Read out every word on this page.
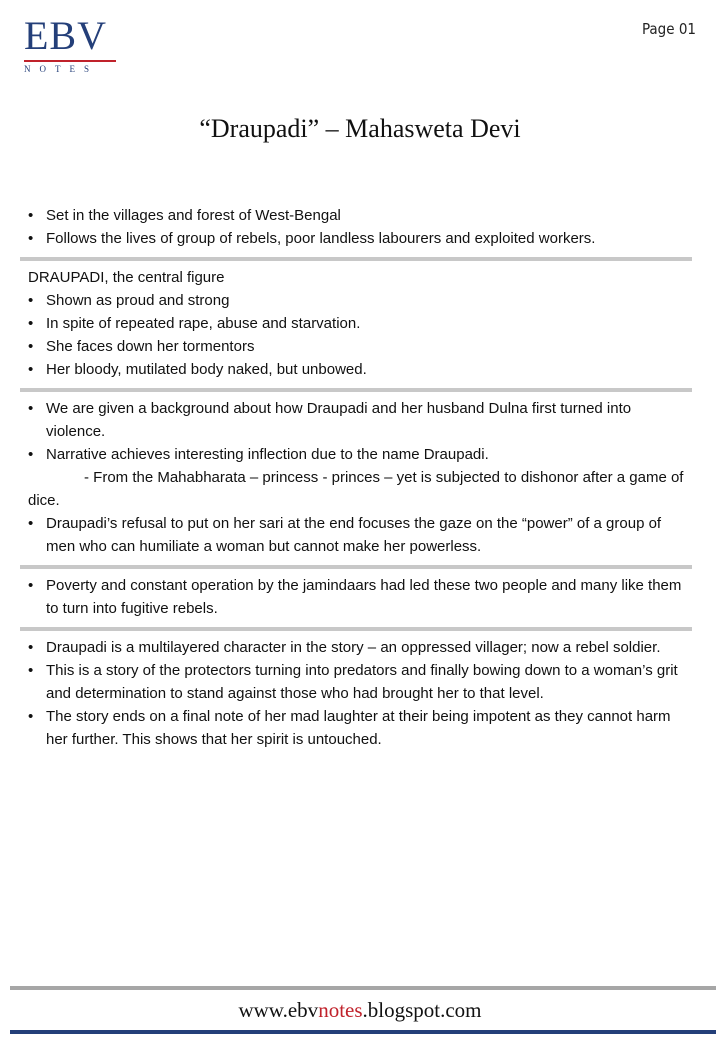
EBV
NOTES
Page 01
“Draupadi” – Mahasweta Devi
• Set in the villages and forest of West-Bengal
• Follows the lives of group of rebels, poor landless labourers and exploited workers.
DRAUPADI, the central figure
• Shown as proud and strong
• In spite of repeated rape, abuse and starvation.
• She faces down her tormentors
• Her bloody, mutilated body naked, but unbowed.
• We are given a background about how Draupadi and her husband Dulna first turned into violence.
• Narrative achieves interesting inflection due to the name Draupadi.
- From the Mahabharata – princess - princes – yet is subjected to dishonor after a game of dice.
• Draupadi’s refusal to put on her sari at the end focuses the gaze on the “power” of a group of men who can humiliate a woman but cannot make her powerless.
• Poverty and constant operation by the jamindaars had led these two people and many like them to turn into fugitive rebels.
• Draupadi is a multilayered character in the story – an oppressed villager; now a rebel soldier.
• This is a story of the protectors turning into predators and finally bowing down to a woman’s grit and determination to stand against those who had brought her to that level.
• The story ends on a final note of her mad laughter at their being impotent as they cannot harm her further. This shows that her spirit is untouched.
www.ebvnotes.blogspot.com
